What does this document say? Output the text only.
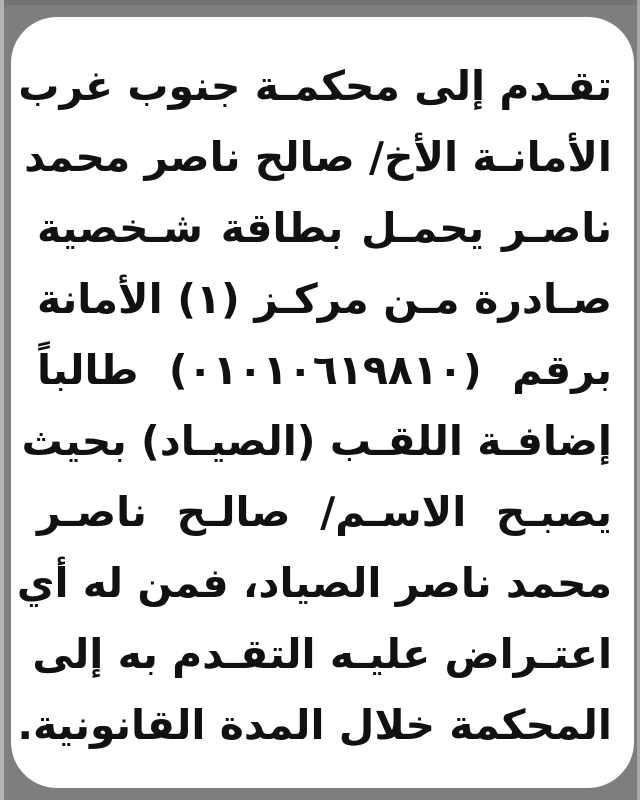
تقـدم إلى محكمـة جنوب غرب
الأمانـة الأخ/ صالح ناصر محمد
ناصـر يحمـل بطاقة شـخصية
صـادرة مـن مركـز (١) الأمانة
برقم (٠١٠١٠٦١٩٨١٠) طالباً
إضافـة اللقـب (الصيـاد) بحيث
يصبـح الاسـم/ صالـح ناصـر
محمد ناصر الصياد، فمن له أي
اعتـراض عليـه التقـدم به إلى
المحكمة خلال المدة القانونية.
